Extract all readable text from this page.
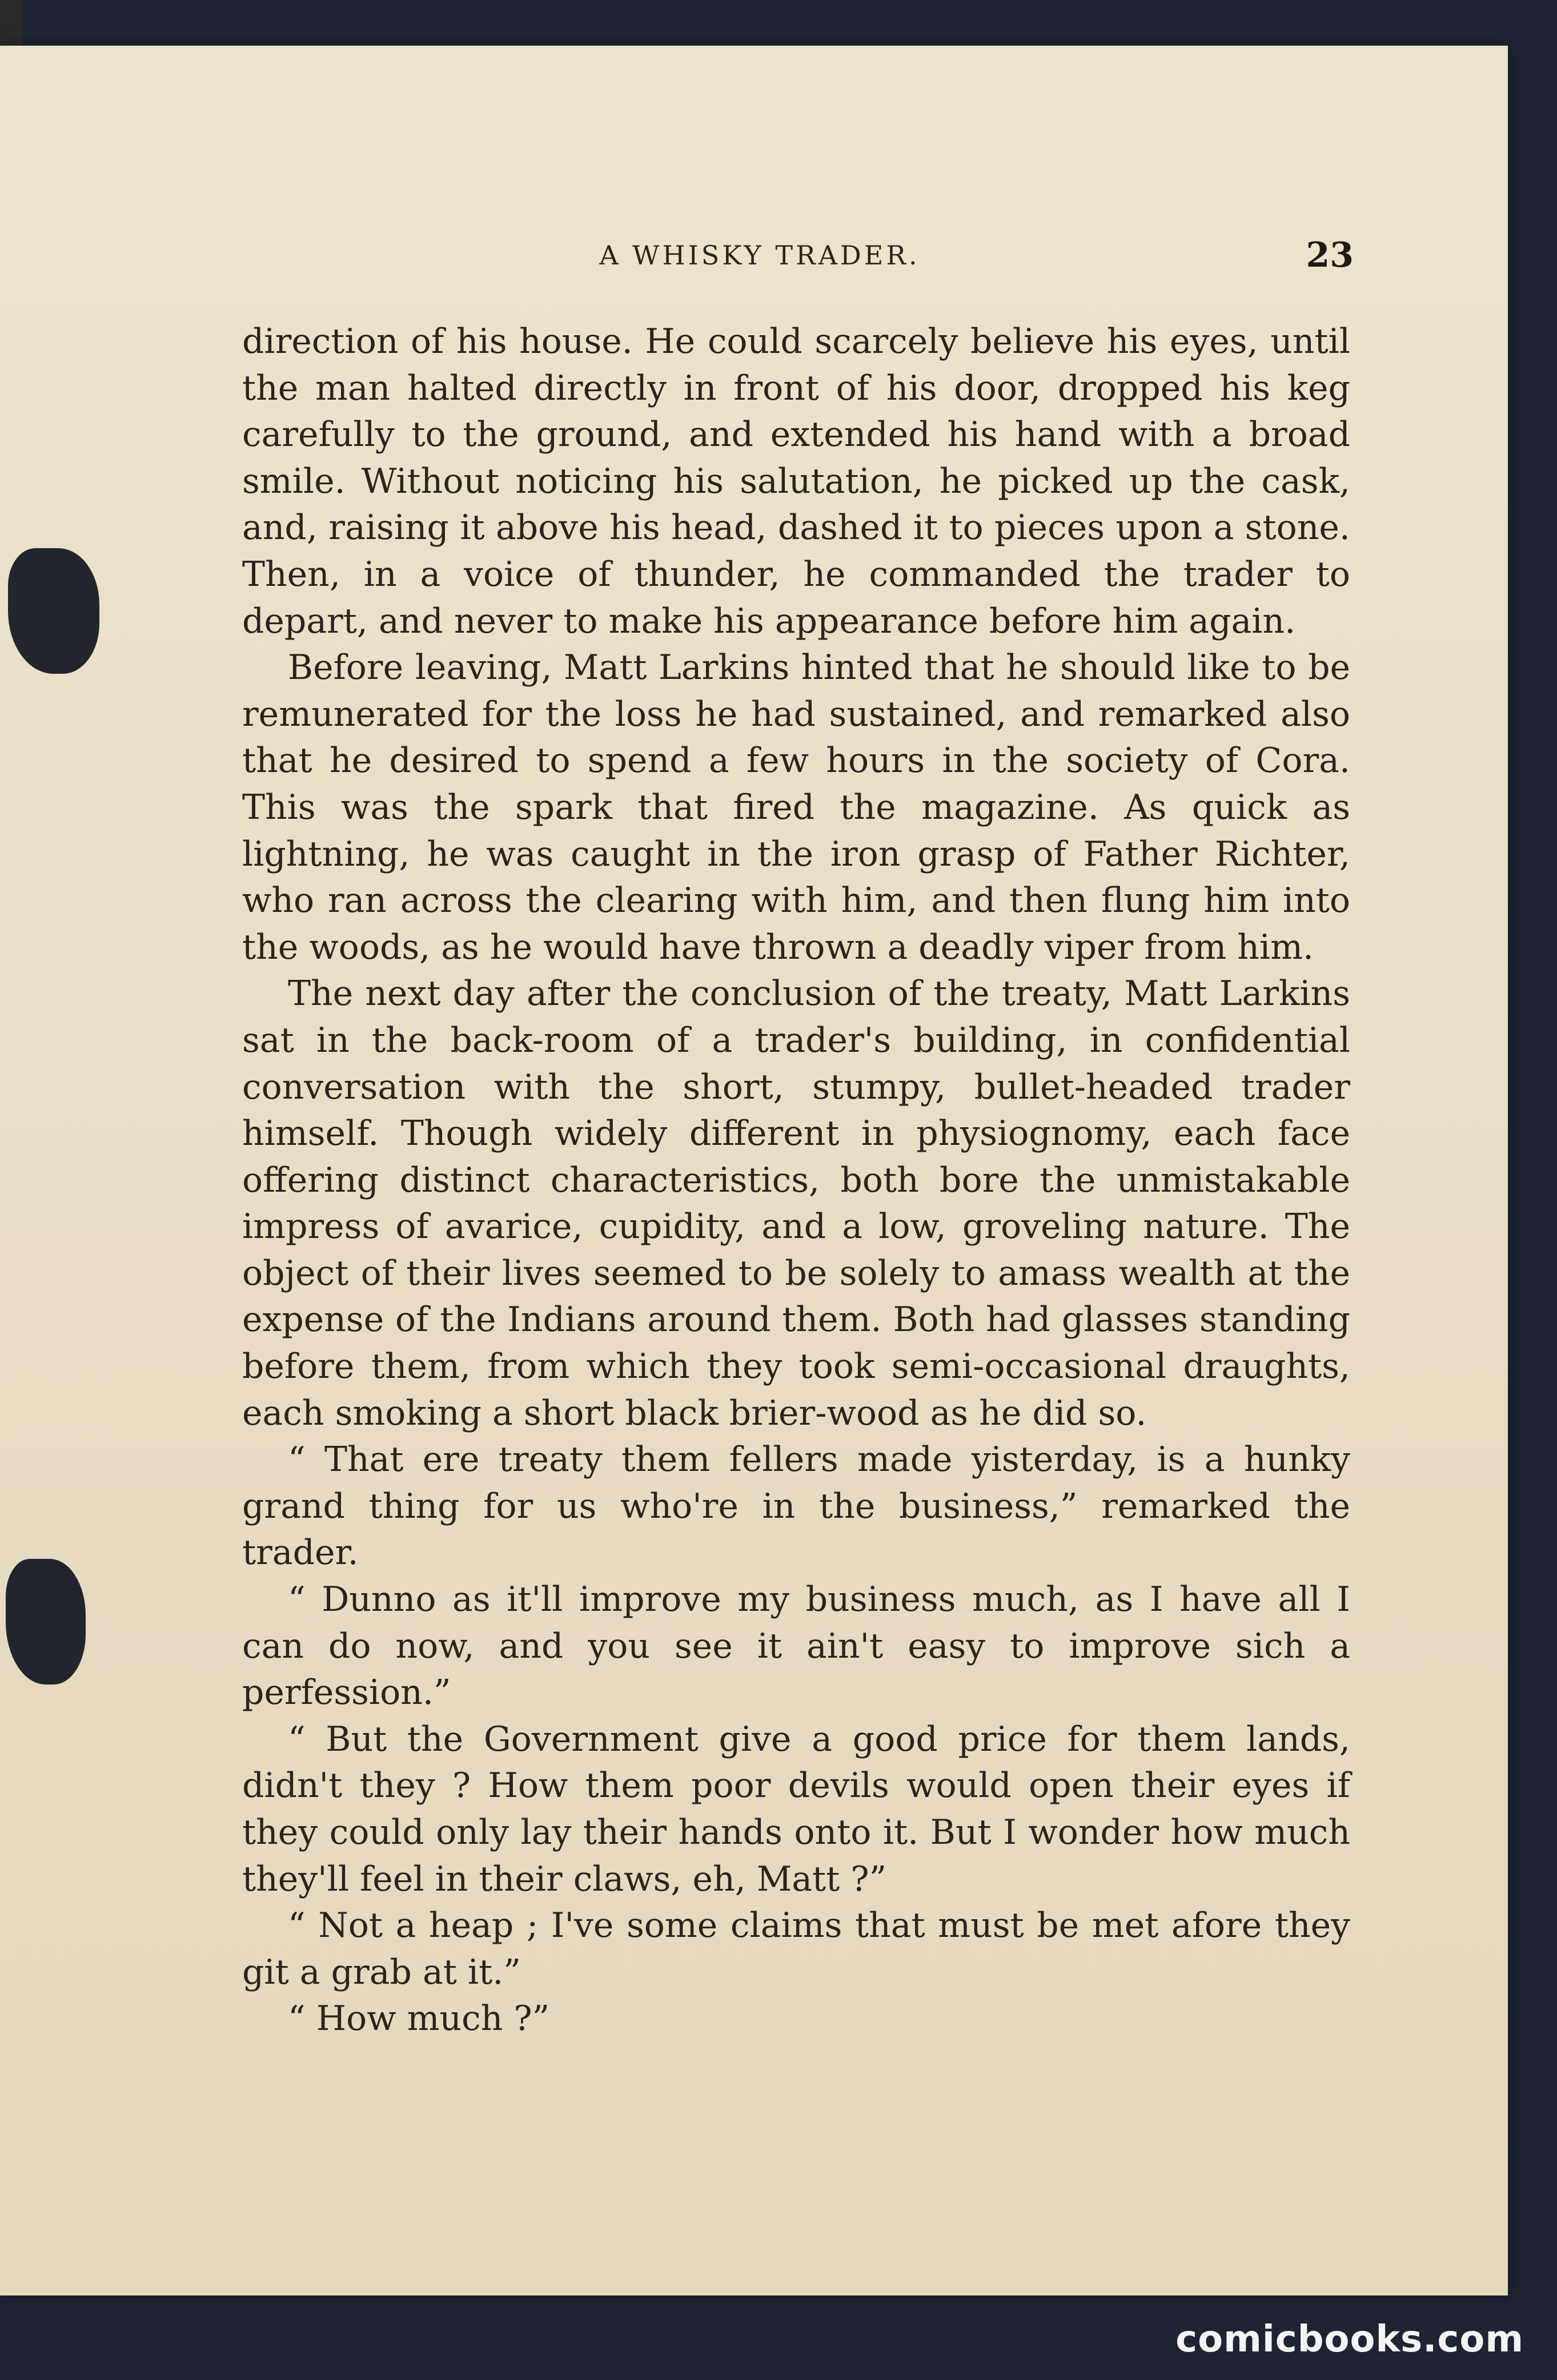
A WHISKY TRADER.	23

direction of his house. He could scarcely believe his eyes, until the man halted directly in front of his door, dropped his keg carefully to the ground, and extended his hand with a broad smile. Without noticing his salutation, he picked up the cask, and, raising it above his head, dashed it to pieces upon a stone. Then, in a voice of thunder, he commanded the trader to depart, and never to make his appearance before him again.

Before leaving, Matt Larkins hinted that he should like to be remunerated for the loss he had sustained, and remarked also that he desired to spend a few hours in the society of Cora. This was the spark that fired the magazine. As quick as lightning, he was caught in the iron grasp of Father Richter, who ran across the clearing with him, and then flung him into the woods, as he would have thrown a deadly viper from him.

The next day after the conclusion of the treaty, Matt Larkins sat in the back-room of a trader's building, in confidential conversation with the short, stumpy, bullet-headed trader himself. Though widely different in physiognomy, each face offering distinct characteristics, both bore the unmistakable impress of avarice, cupidity, and a low, groveling nature. The object of their lives seemed to be solely to amass wealth at the expense of the Indians around them. Both had glasses standing before them, from which they took semi-occasional draughts, each smoking a short black brier-wood as he did so.

“ That ere treaty them fellers made yisterday, is a hunky grand thing for us who're in the business,” remarked the trader.

“ Dunno as it'll improve my business much, as I have all I can do now, and you see it ain't easy to improve sich a perfession.”

“ But the Government give a good price for them lands, didn't they ? How them poor devils would open their eyes if they could only lay their hands onto it. But I wonder how much they'll feel in their claws, eh, Matt ?”

“ Not a heap ; I've some claims that must be met afore they git a grab at it.”

“ How much ?”

comicbooks.com
